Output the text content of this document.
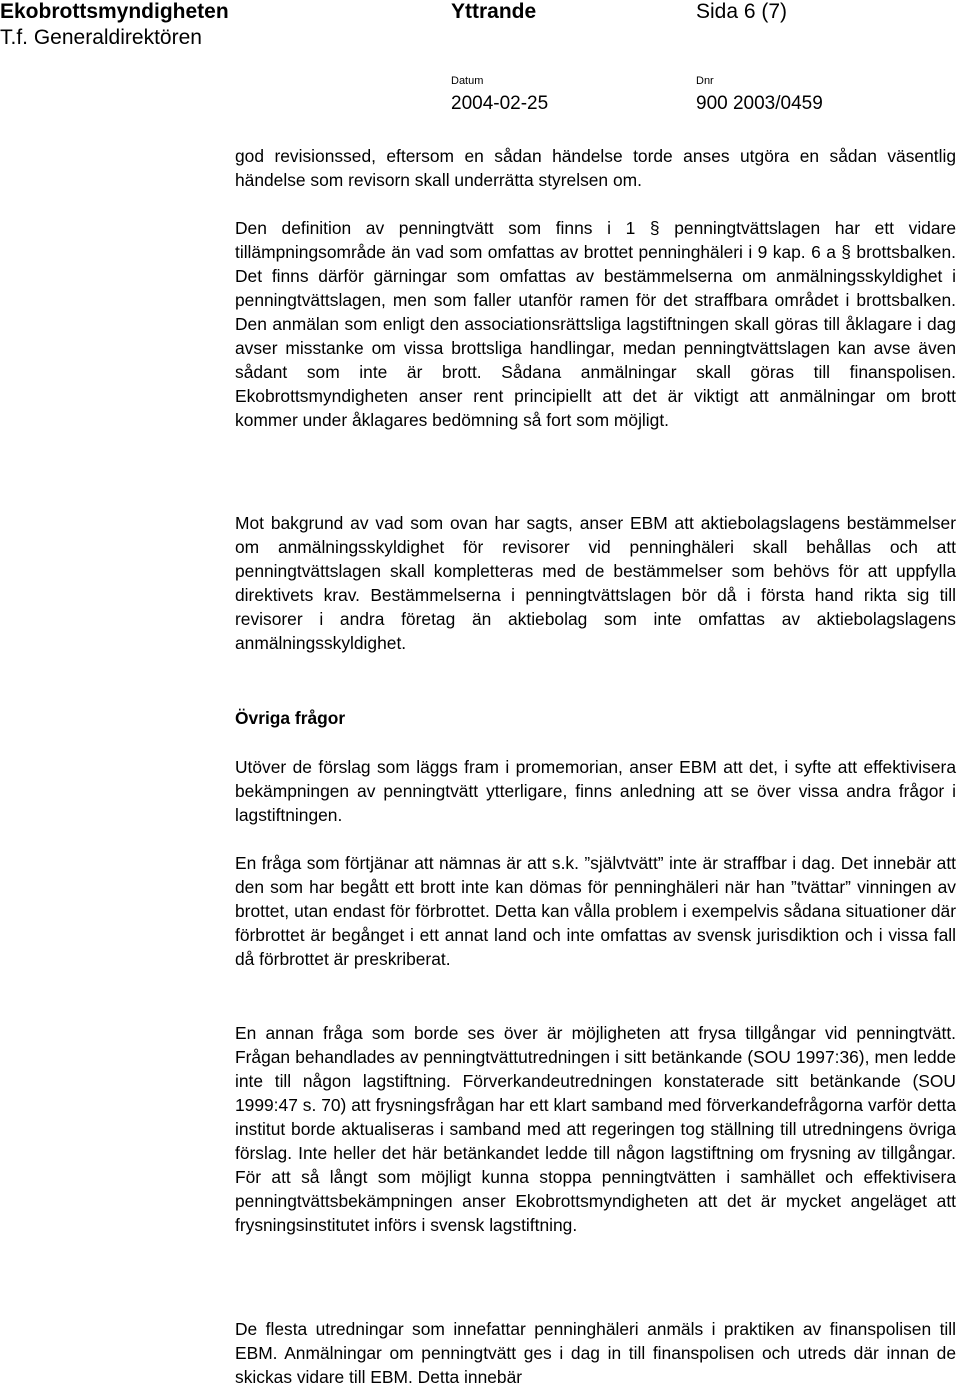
Ekobrottsmyndigheten
T.f. Generaldirektören
Yttrande	Sida 6 (7)
Datum	Dnr
2004-02-25	900 2003/0459

god revisionssed, eftersom en sådan händelse torde anses utgöra en sådan väsentlig händelse som revisorn skall underrätta styrelsen om.

Den definition av penningtvätt som finns i 1 § penningtvättslagen har ett vidare tillämpningsområde än vad som omfattas av brottet penninghäleri i 9 kap. 6 a § brottsbalken. Det finns därför gärningar som omfattas av bestämmelserna om anmälningsskyldighet i penningtvättslagen, men som faller utanför ramen för det straffbara området i brottsbalken. Den anmälan som enligt den associationsrättsliga lagstiftningen skall göras till åklagare i dag avser misstanke om vissa brottsliga handlingar, medan penningtvättslagen kan avse även sådant som inte är brott. Sådana anmälningar skall göras till finanspolisen. Ekobrottsmyndigheten anser rent principiellt att det är viktigt att anmälningar om brott kommer under åklagares bedömning så fort som möjligt.

Mot bakgrund av vad som ovan har sagts, anser EBM att aktiebolagslagens bestämmelser om anmälningsskyldighet för revisorer vid penninghäleri skall behållas och att penningtvättslagen skall kompletteras med de bestämmelser som behövs för att uppfylla direktivets krav. Bestämmelserna i penningtvättslagen bör då i första hand rikta sig till revisorer i andra företag än aktiebolag som inte omfattas av aktiebolagslagens anmälningsskyldighet.

Övriga frågor

Utöver de förslag som läggs fram i promemorian, anser EBM att det, i syfte att effektivisera bekämpningen av penningtvätt ytterligare, finns anledning att se över vissa andra frågor i lagstiftningen.

En fråga som förtjänar att nämnas är att s.k. ”självtvätt” inte är straffbar i dag. Det innebär att den som har begått ett brott inte kan dömas för penninghäleri när han ”tvättar” vinningen av brottet, utan endast för förbrottet. Detta kan vålla problem i exempelvis sådana situationer där förbrottet är begånget i ett annat land och inte omfattas av svensk jurisdiktion och i vissa fall då förbrottet är preskriberat.

En annan fråga som borde ses över är möjligheten att frysa tillgångar vid penningtvätt. Frågan behandlades av penningtvättutredningen i sitt betänkande (SOU 1997:36), men ledde inte till någon lagstiftning. Förverkandeutredningen konstaterade sitt betänkande (SOU 1999:47 s. 70) att frysningsfrågan har ett klart samband med förverkandefrågorna varför detta institut borde aktualiseras i samband med att regeringen tog ställning till utredningens övriga förslag. Inte heller det här betänkandet ledde till någon lagstiftning om frysning av tillgångar. För att så långt som möjligt kunna stoppa penningtvätten i samhället och effektivisera penningtvättsbekämpningen anser Ekobrottsmyndigheten att det är mycket angeläget att frysningsinstitutet införs i svensk lagstiftning.

De flesta utredningar som innefattar penninghäleri anmäls i praktiken av finanspolisen till EBM. Anmälningar om penningtvätt ges i dag in till finanspolisen och utreds där innan de skickas vidare till EBM. Detta innebär
